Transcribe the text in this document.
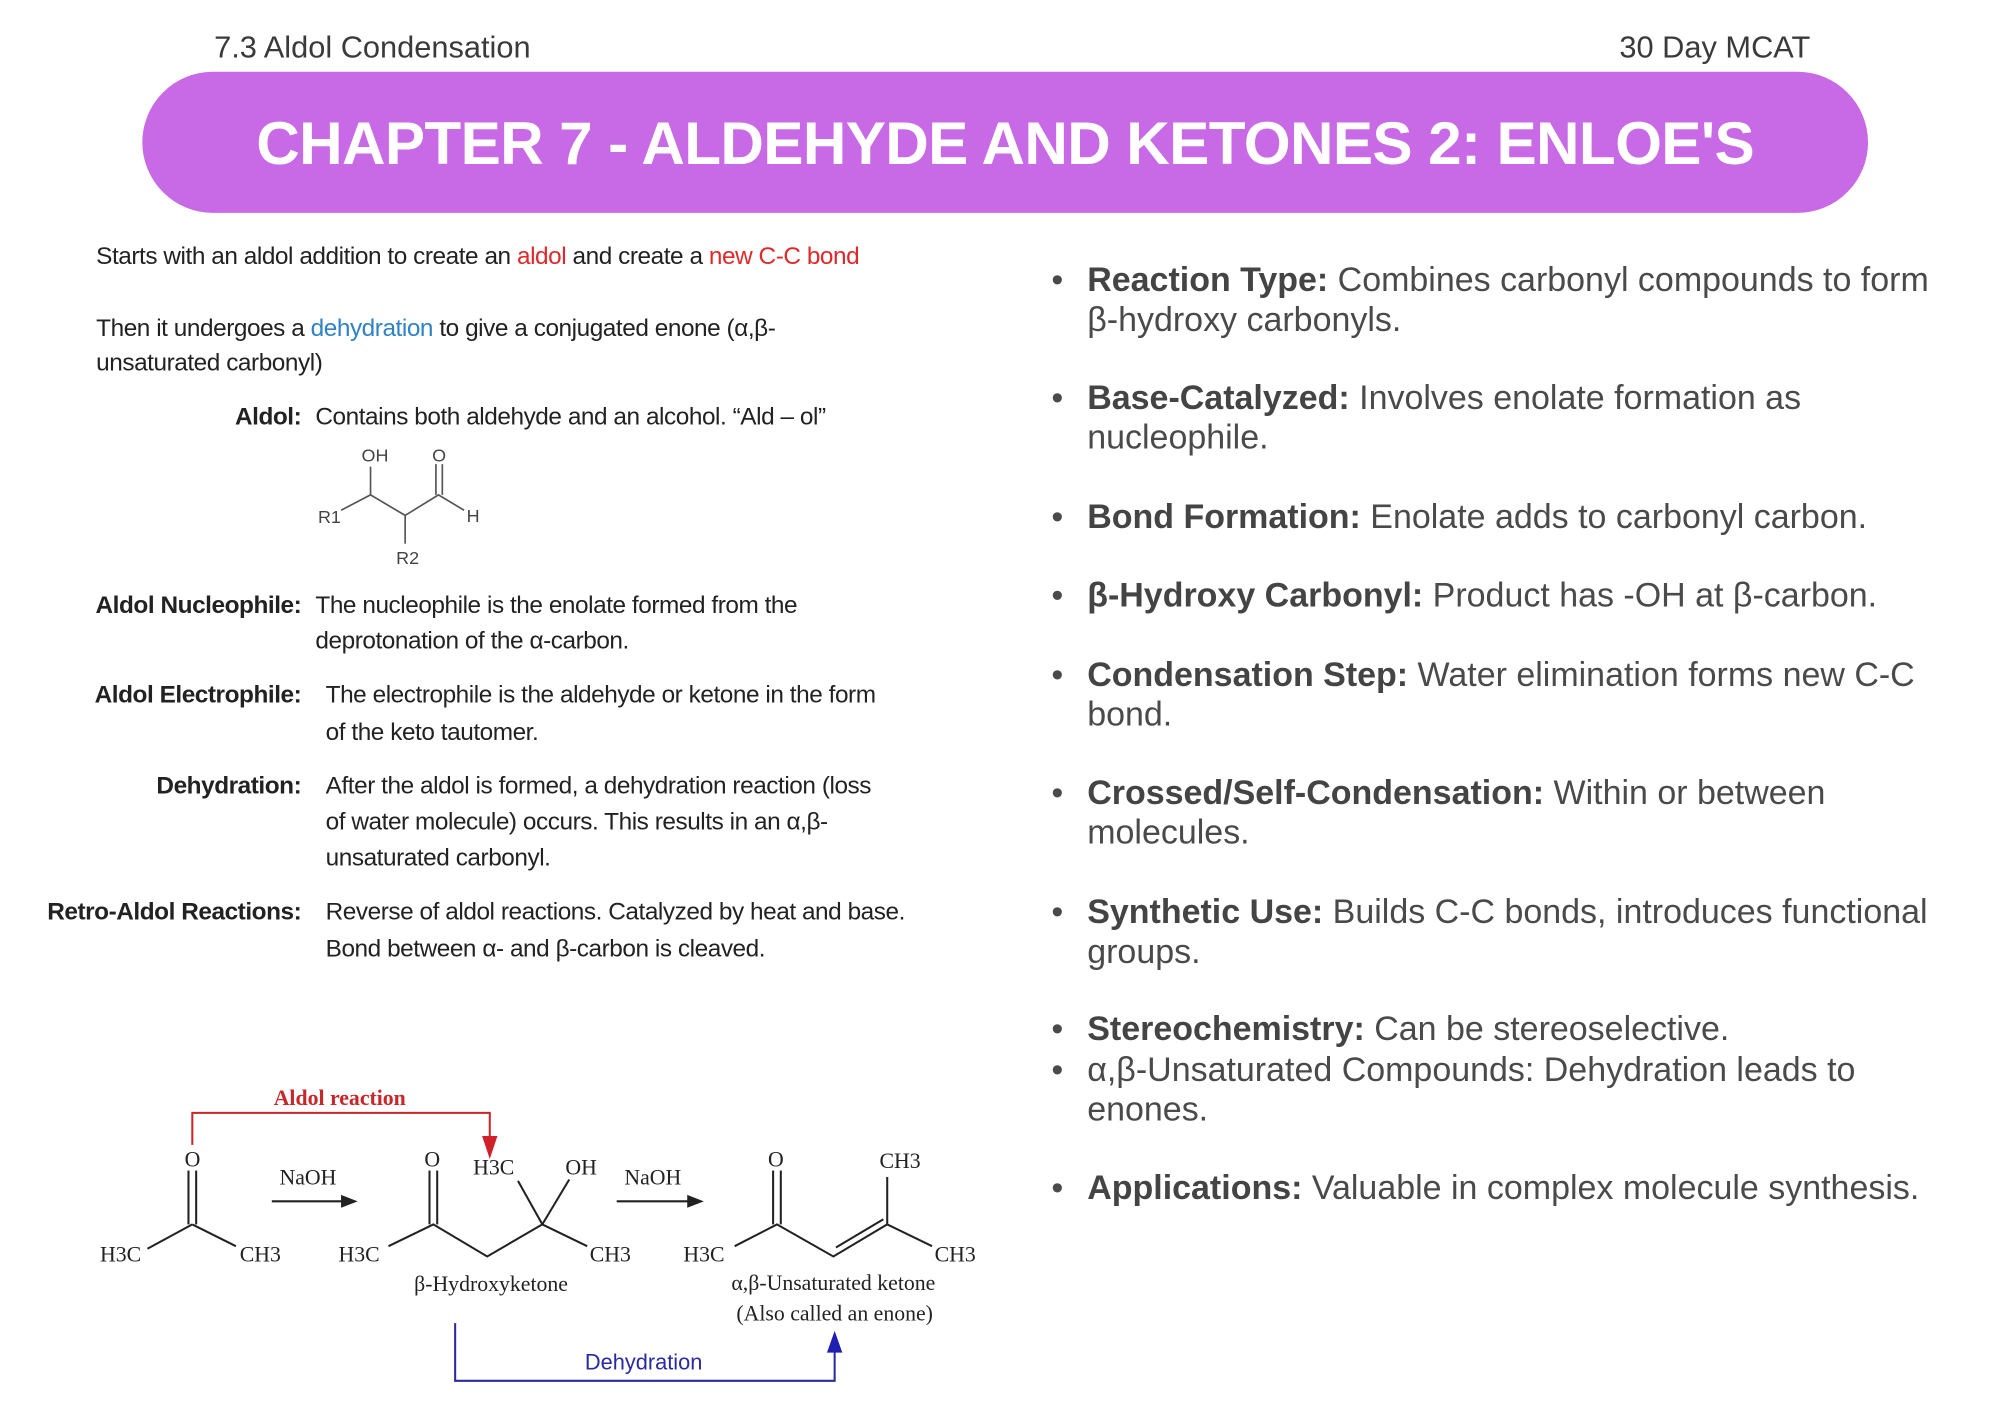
7.3 Aldol Condensation	30 Day MCAT
CHAPTER 7 - ALDEHYDE AND KETONES 2: ENLOE'S
Starts with an aldol addition to create an aldol and create a new C-C bond
Then it undergoes a dehydration to give a conjugated enone (α,β-
unsaturated carbonyl)
Aldol: Contains both aldehyde and an alcohol. “Ald – ol”
Aldol Nucleophile: The nucleophile is the enolate formed from the
deprotonation of the α-carbon.
Aldol Electrophile: The electrophile is the aldehyde or ketone in the form
of the keto tautomer.
Dehydration: After the aldol is formed, a dehydration reaction (loss
of water molecule) occurs. This results in an α,β-
unsaturated carbonyl.
Retro-Aldol Reactions: Reverse of aldol reactions. Catalyzed by heat and base.
Bond between α- and β-carbon is cleaved.
OH	O
R1	H
R2
Aldol reaction
O
H3C	CH3
NaOH
O H3C	OH
H3C	CH3
β-Hydroxyketone
NaOH
O	CH3
H3C	CH3
α,β-Unsaturated ketone
(Also called an enone)
Dehydration
• Reaction Type: Combines carbonyl compounds to form β-hydroxy carbonyls.
• Base-Catalyzed: Involves enolate formation as nucleophile.
• Bond Formation: Enolate adds to carbonyl carbon.
• β-Hydroxy Carbonyl: Product has -OH at β-carbon.
• Condensation Step: Water elimination forms new C-C bond.
• Crossed/Self-Condensation: Within or between molecules.
• Synthetic Use: Builds C-C bonds, introduces functional groups.
• Stereochemistry: Can be stereoselective.
• α,β-Unsaturated Compounds: Dehydration leads to enones.
• Applications: Valuable in complex molecule synthesis.
